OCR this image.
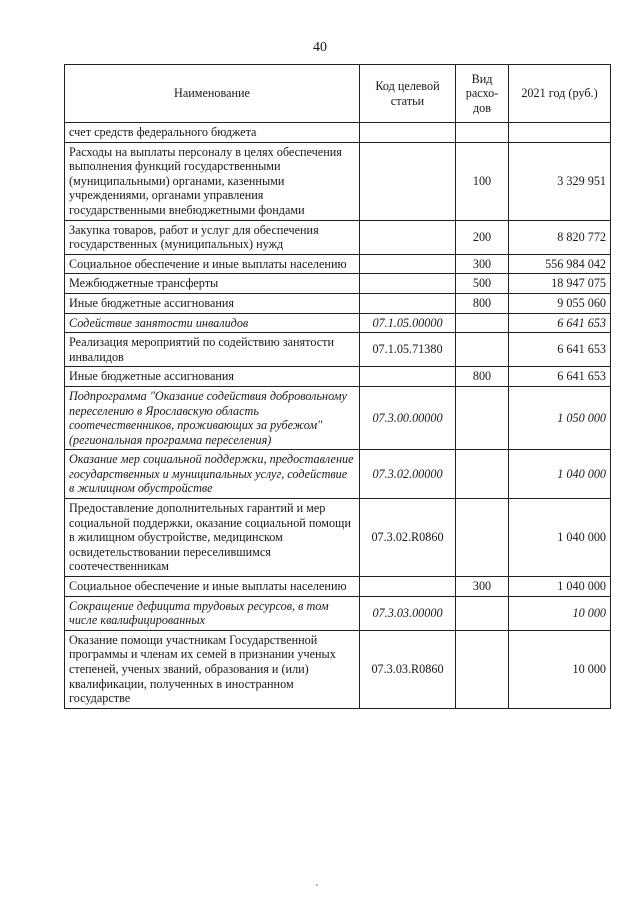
40
Наименование	Код целевой статьи	Вид расхо- дов	2021 год (руб.)
счет средств федерального бюджета			
Расходы на выплаты персоналу в целях обеспечения выполнения функций государственными (муниципальными) органами, казенными учреждениями, органами управления государственными внебюджетными фондами		100	3 329 951
Закупка товаров, работ и услуг для обеспечения государственных (муниципальных) нужд		200	8 820 772
Социальное обеспечение и иные выплаты населению		300	556 984 042
Межбюджетные трансферты		500	18 947 075
Иные бюджетные ассигнования		800	9 055 060
Содействие занятости инвалидов	07.1.05.00000		6 641 653
Реализация мероприятий по содействию занятости инвалидов	07.1.05.71380		6 641 653
Иные бюджетные ассигнования		800	6 641 653
Подпрограмма "Оказание содействия добровольному переселению в Ярославскую область соотечественников, проживающих за рубежом" (региональная программа переселения)	07.3.00.00000		1 050 000
Оказание мер социальной поддержки, предоставление государственных и муниципальных услуг, содействие в жилищном обустройстве	07.3.02.00000		1 040 000
Предоставление дополнительных гарантий и мер социальной поддержки, оказание социальной помощи в жилищном обустройстве, медицинском освидетельствовании переселившимся соотечественникам	07.3.02.R0860		1 040 000
Социальное обеспечение и иные выплаты населению		300	1 040 000
Сокращение дефицита трудовых ресурсов, в том числе квалифицированных	07.3.03.00000		10 000
Оказание помощи участникам Государственной программы и членам их семей в признании ученых степеней, ученых званий, образования и (или) квалификации, полученных в иностранном государстве	07.3.03.R0860		10 000
